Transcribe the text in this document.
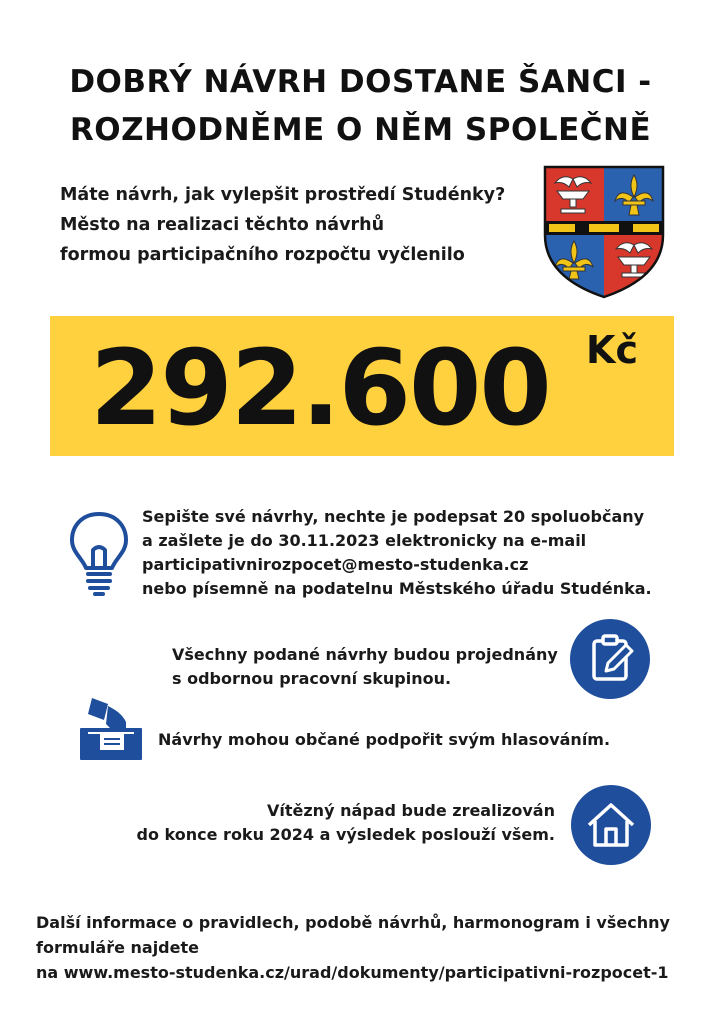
DOBRÝ NÁVRH DOSTANE ŠANCI -
ROZHODNĚME O NĚM SPOLEČNĚ
Máte návrh, jak vylepšit prostředí Studénky?
Město na realizaci těchto návrhů
formou participačního rozpočtu vyčlenilo
292.600 Kč
Sepište své návrhy, nechte je podepsat 20 spoluobčany
a zašlete je do 30.11.2023 elektronicky na e-mail
participativnirozpocet@mesto-studenka.cz
nebo písemně na podatelnu Městského úřadu Studénka.
Všechny podané návrhy budou projednány
s odbornou pracovní skupinou.
Návrhy mohou občané podpořit svým hlasováním.
Vítězný nápad bude zrealizován
do konce roku 2024 a výsledek poslouží všem.
Další informace o pravidlech, podobě návrhů, harmonogram i všechny
formuláře najdete
na www.mesto-studenka.cz/urad/dokumenty/participativni-rozpocet-1
